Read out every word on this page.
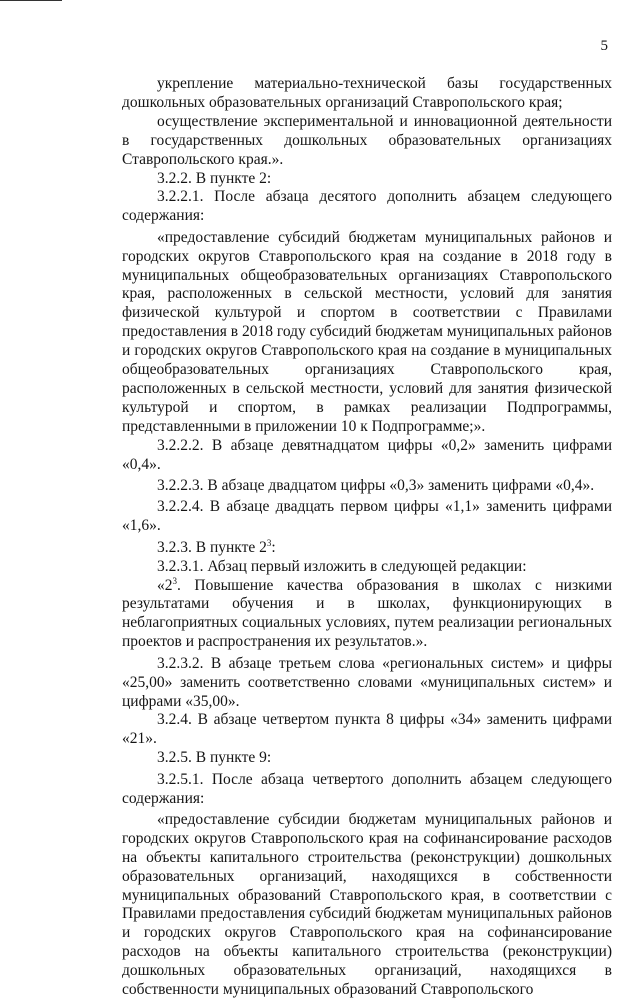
5

укрепление материально-технической базы государственных дошкольных образовательных организаций Ставропольского края;

осуществление экспериментальной и инновационной деятельности в государственных дошкольных образовательных организациях Ставропольского края.».

3.2.2. В пункте 2:

3.2.2.1. После абзаца десятого дополнить абзацем следующего содержания:

«предоставление субсидий бюджетам муниципальных районов и городских округов Ставропольского края на создание в 2018 году в муниципальных общеобразовательных организациях Ставропольского края, расположенных в сельской местности, условий для занятия физической культурой и спортом в соответствии с Правилами предоставления в 2018 году субсидий бюджетам муниципальных районов и городских округов Ставропольского края на создание в муниципальных общеобразовательных организациях Ставропольского края, расположенных в сельской местности, условий для занятия физической культурой и спортом, в рамках реализации Подпрограммы, представленными в приложении 10 к Подпрограмме;».

3.2.2.2. В абзаце девятнадцатом цифры «0,2» заменить цифрами «0,4».

3.2.2.3. В абзаце двадцатом цифры «0,3» заменить цифрами «0,4».

3.2.2.4. В абзаце двадцать первом цифры «1,1» заменить цифрами «1,6».

3.2.3. В пункте $2^3$:

3.2.3.1. Абзац первый изложить в следующей редакции:

«$2^3$. Повышение качества образования в школах с низкими результатами обучения и в школах, функционирующих в неблагоприятных социальных условиях, путем реализации региональных проектов и распространения их результатов.».

3.2.3.2. В абзаце третьем слова «региональных систем» и цифры «25,00» заменить соответственно словами «муниципальных систем» и цифрами «35,00».

3.2.4. В абзаце четвертом пункта 8 цифры «34» заменить цифрами «21».

3.2.5. В пункте 9:

3.2.5.1. После абзаца четвертого дополнить абзацем следующего содержания:

«предоставление субсидии бюджетам муниципальных районов и городских округов Ставропольского края на софинансирование расходов на объекты капитального строительства (реконструкции) дошкольных образовательных организаций, находящихся в собственности муниципальных образований Ставропольского края, в соответствии с Правилами предоставления субсидий бюджетам муниципальных районов и городских округов Ставропольского края на софинансирование расходов на объекты капитального строительства (реконструкции) дошкольных образовательных организаций, находящихся в собственности муниципальных образований Ставропольского
